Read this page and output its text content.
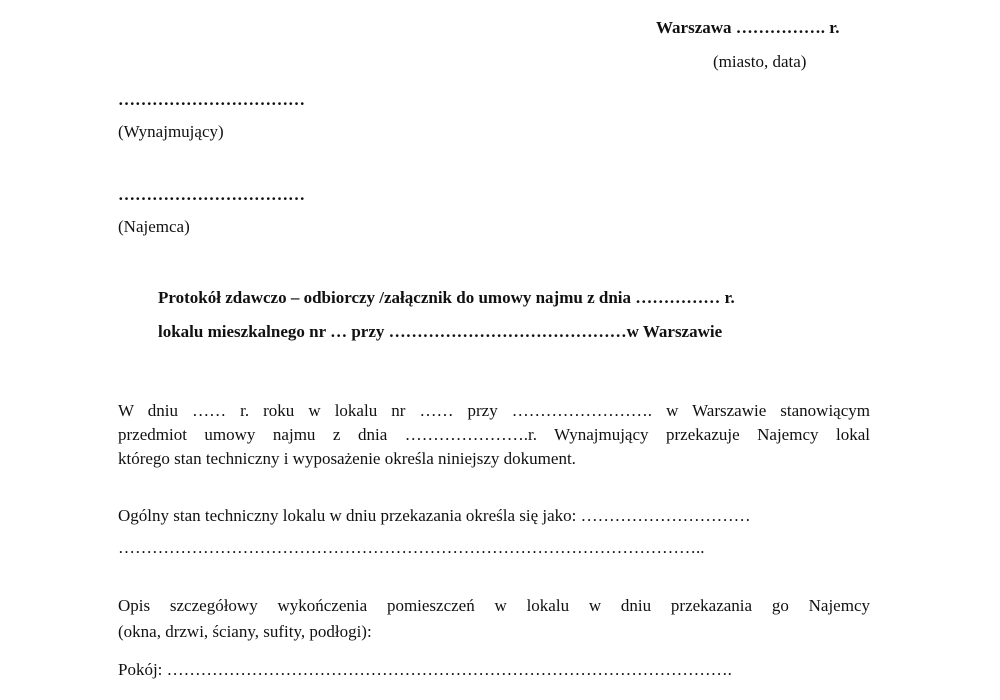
Warszawa ……………. r.
(miasto, data)
……………………………
(Wynajmujący)
……………………………
(Najemca)
Protokół zdawczo – odbiorczy /załącznik do umowy najmu z dnia …………… r.
lokalu mieszkalnego nr … przy ……………………………………w Warszawie
W dniu …… r. roku w lokalu nr …… przy ……………………. w Warszawie stanowiącym
przedmiot umowy najmu z dnia ………………….r. Wynajmujący przekazuje Najemcy lokal
którego stan techniczny i wyposażenie określa niniejszy dokument.
Ogólny stan techniczny lokalu w dniu przekazania określa się jako: …………………………
…………………………………………………………………………………………..
Opis szczegółowy wykończenia pomieszczeń w lokalu w dniu przekazania go Najemcy
(okna, drzwi, ściany, sufity, podłogi):
Pokój: ……………………………………………………………………………………….
